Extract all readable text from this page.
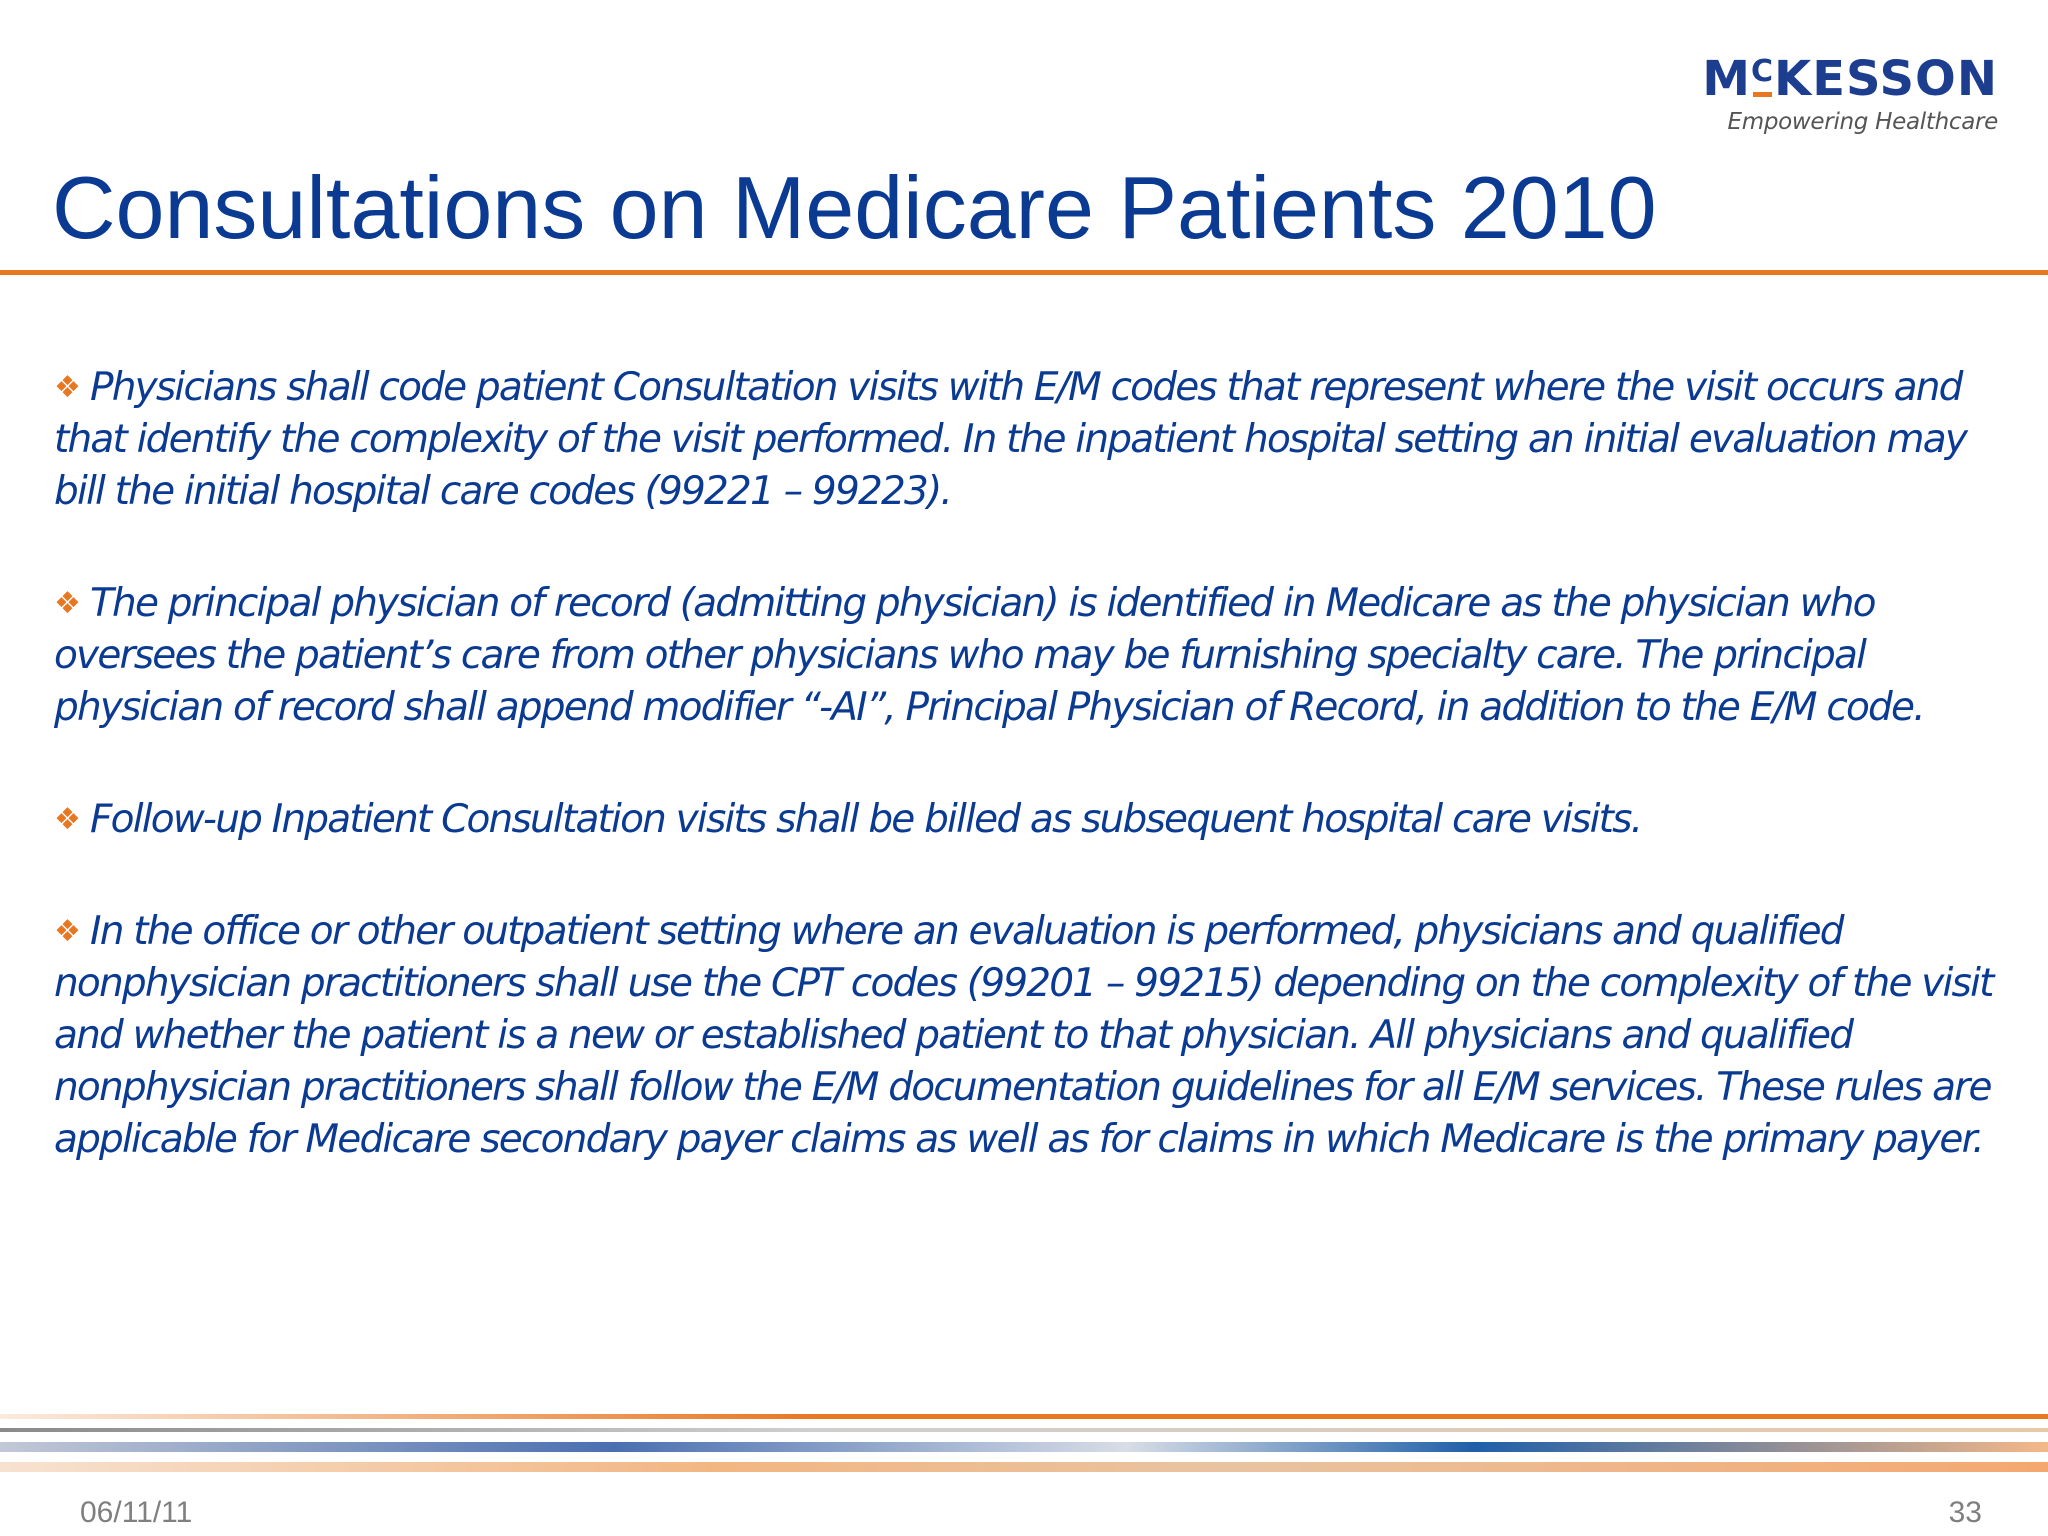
$M^CKESSON$
Empowering Healthcare
Consultations on Medicare Patients 2010

❖ Physicians shall code patient Consultation visits with E/M codes that represent where the visit occurs and that identify the complexity of the visit performed. In the inpatient hospital setting an initial evaluation may bill the initial hospital care codes (99221 – 99223).

❖ The principal physician of record (admitting physician) is identified in Medicare as the physician who oversees the patient’s care from other physicians who may be furnishing specialty care. The principal physician of record shall append modifier “-AI”, Principal Physician of Record, in addition to the E/M code.

❖ Follow-up Inpatient Consultation visits shall be billed as subsequent hospital care visits.

❖ In the office or other outpatient setting where an evaluation is performed, physicians and qualified nonphysician practitioners shall use the CPT codes (99201 – 99215) depending on the complexity of the visit and whether the patient is a new or established patient to that physician. All physicians and qualified nonphysician practitioners shall follow the E/M documentation guidelines for all E/M services. These rules are applicable for Medicare secondary payer claims as well as for claims in which Medicare is the primary payer.

06/11/11	33
